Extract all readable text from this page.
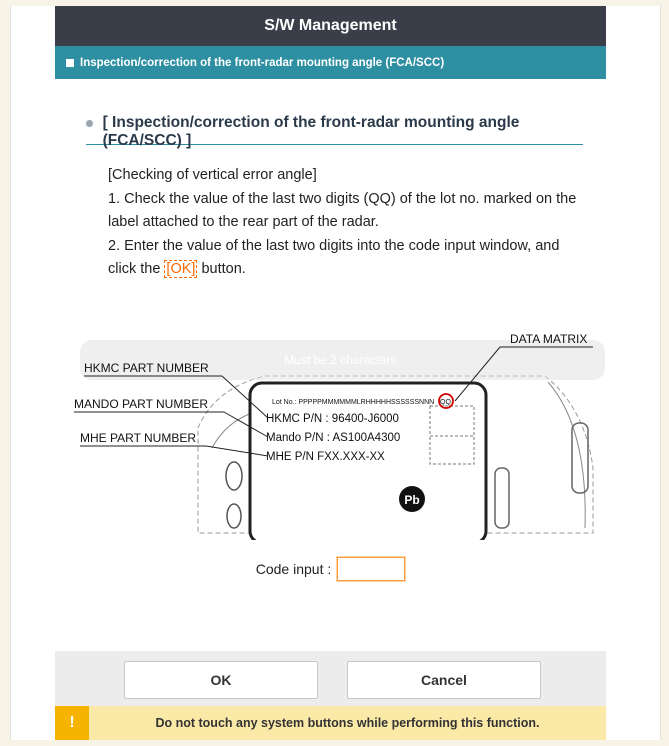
S/W Management
Inspection/correction of the front-radar mounting angle (FCA/SCC)
[ Inspection/correction of the front-radar mounting angle (FCA/SCC) ]

[Checking of vertical error angle]

1. Check the value of the last two digits (QQ) of the lot no. marked on the label attached to the rear part of the radar.

2. Enter the value of the last two digits into the code input window, and click the [OK] button.

Must be 2 characters.
Lot No.: PPPPPMMMMMMLRHHHHHSSSSSSNNN QQ
HKMC P/N : 96400-J6000
Mando P/N : AS100A4300
MHE P/N FXX.XXX-XX
Pb
DATA MATRIX
HKMC PART NUMBER
MANDO PART NUMBER
MHE PART NUMBER
Code input :
OK	Cancel
!	Do not touch any system buttons while performing this function.
